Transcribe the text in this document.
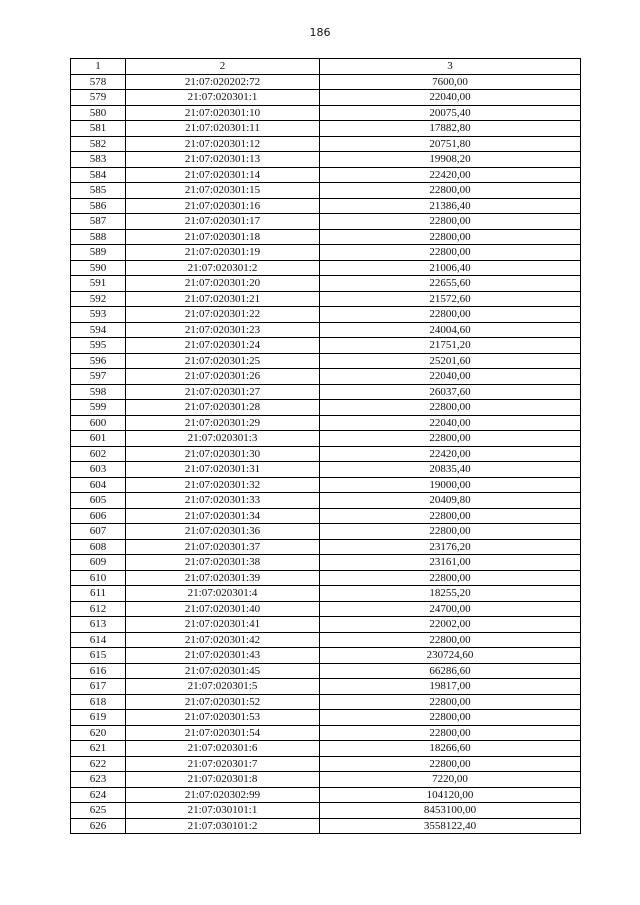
186
1	2	3
578	21:07:020202:72	7600,00
579	21:07:020301:1	22040,00
580	21:07:020301:10	20075,40
581	21:07:020301:11	17882,80
582	21:07:020301:12	20751,80
583	21:07:020301:13	19908,20
584	21:07:020301:14	22420,00
585	21:07:020301:15	22800,00
586	21:07:020301:16	21386,40
587	21:07:020301:17	22800,00
588	21:07:020301:18	22800,00
589	21:07:020301:19	22800,00
590	21:07:020301:2	21006,40
591	21:07:020301:20	22655,60
592	21:07:020301:21	21572,60
593	21:07:020301:22	22800,00
594	21:07:020301:23	24004,60
595	21:07:020301:24	21751,20
596	21:07:020301:25	25201,60
597	21:07:020301:26	22040,00
598	21:07:020301:27	26037,60
599	21:07:020301:28	22800,00
600	21:07:020301:29	22040,00
601	21:07:020301:3	22800,00
602	21:07:020301:30	22420,00
603	21:07:020301:31	20835,40
604	21:07:020301:32	19000,00
605	21:07:020301:33	20409,80
606	21:07:020301:34	22800,00
607	21:07:020301:36	22800,00
608	21:07:020301:37	23176,20
609	21:07:020301:38	23161,00
610	21:07:020301:39	22800,00
611	21:07:020301:4	18255,20
612	21:07:020301:40	24700,00
613	21:07:020301:41	22002,00
614	21:07:020301:42	22800,00
615	21:07:020301:43	230724,60
616	21:07:020301:45	66286,60
617	21:07:020301:5	19817,00
618	21:07:020301:52	22800,00
619	21:07:020301:53	22800,00
620	21:07:020301:54	22800,00
621	21:07:020301:6	18266,60
622	21:07:020301:7	22800,00
623	21:07:020301:8	7220,00
624	21:07:020302:99	104120,00
625	21:07:030101:1	8453100,00
626	21:07:030101:2	3558122,40
